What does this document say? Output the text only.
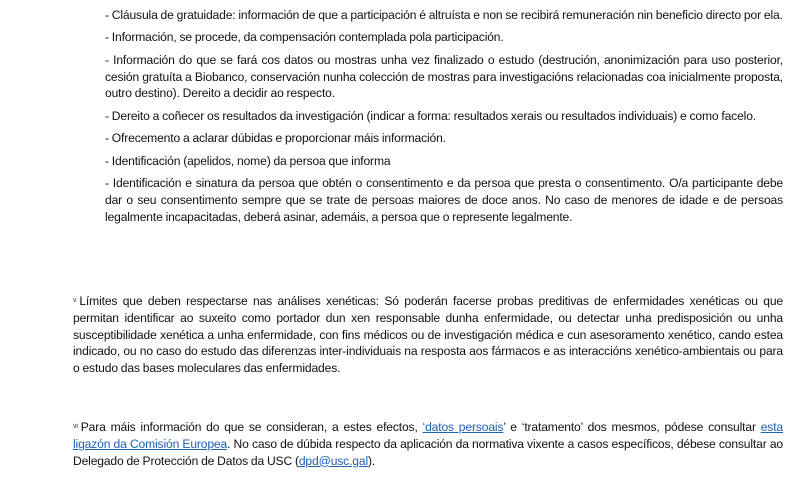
- Cláusula de gratuidade: información de que a participación é altruísta e non se recibirá remuneración nin beneficio directo por ela.

- Información, se procede, da compensación contemplada pola participación.

- Información do que se fará cos datos ou mostras unha vez finalizado o estudo (destrución, anonimización para uso posterior, cesión gratuíta a Biobanco, conservación nunha colección de mostras para investigacións relacionadas coa inicialmente proposta, outro destino). Dereito a decidir ao respecto.

- Dereito a coñecer os resultados da investigación (indicar a forma: resultados xerais ou resultados individuais) e como facelo.

- Ofrecemento a aclarar dúbidas e proporcionar máis información.

- Identificación (apelidos, nome) da persoa que informa

- Identificación e sinatura da persoa que obtén o consentimento e da persoa que presta o consentimento. O/a participante debe dar o seu consentimento sempre que se trate de persoas maiores de doce anos. No caso de menores de idade e de persoas legalmente incapacitadas, deberá asinar, ademáis, a persoa que o represente legalmente.

$^v$ Límites que deben respectarse nas análises xenéticas: Só poderán facerse probas preditivas de enfermidades xenéticas ou que permitan identificar ao suxeito como portador dun xen responsable dunha enfermidade, ou detectar unha predisposición ou unha susceptibilidade xenética a unha enfermidade, con fins médicos ou de investigación médica e cun asesoramento xenético, cando estea indicado, ou no caso do estudo das diferenzas inter-individuais na resposta aos fármacos e as interaccións xenético-ambientais ou para o estudo das bases moleculares das enfermidades.
$^{vi}$ Para máis información do que se consideran, a estes efectos, ‘datos persoais’ e ‘tratamento’ dos mesmos, pódese consultar esta ligazón da Comisión Europea. No caso de dúbida respecto da aplicación da normativa vixente a casos específicos, débese consultar ao Delegado de Protección de Datos da USC (dpd@usc.gal).
